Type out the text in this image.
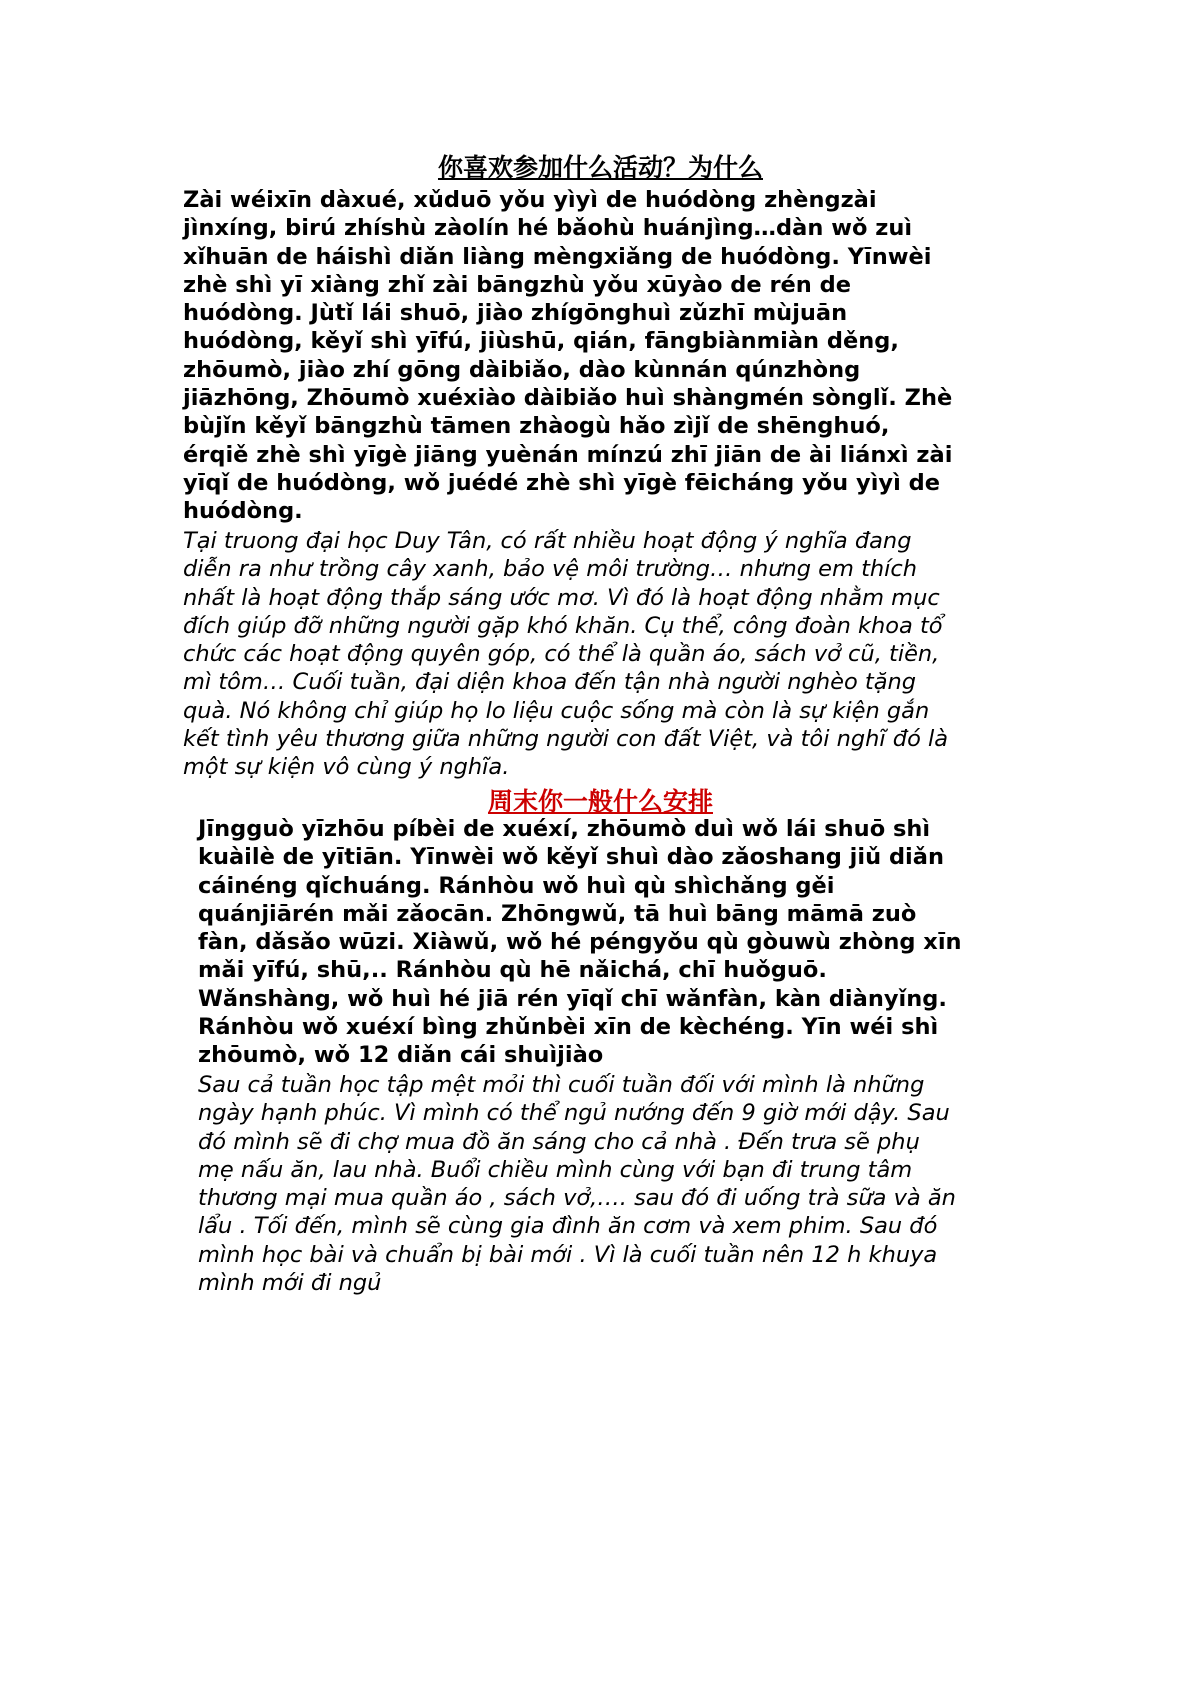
你喜欢参加什么活动？为什么

Zài wéixīn dàxué, xǔduō yǒu yìyì de huódòng zhèngzài
jìnxíng, birú zhíshù zàolín hé bǎohù huánjìng…dàn wǒ zuì
xǐhuān de háishì diǎn liàng mèngxiǎng de huódòng. Yīnwèi
zhè shì yī xiàng zhǐ zài bāngzhù yǒu xūyào de rén de
huódòng. Jùtǐ lái shuō, jiào zhígōnghuì zǔzhī mùjuān
huódòng, kěyǐ shì yīfú, jiùshū, qián, fāngbiànmiàn děng,
zhōumò, jiào zhí gōng dàibiǎo, dào kùnnán qúnzhòng
jiāzhōng, Zhōumò xuéxiào dàibiǎo huì shàngmén sònglǐ. Zhè
bùjǐn kěyǐ bāngzhù tāmen zhàogù hǎo zìjǐ de shēnghuó,
érqiě zhè shì yīgè jiāng yuènán mínzú zhī jiān de ài liánxì zài
yīqǐ de huódòng, wǒ juédé zhè shì yīgè fēicháng yǒu yìyì de
huódòng.

Tại truong đại học Duy Tân, có rất nhiều hoạt động ý nghĩa đang
diễn ra như trồng cây xanh, bảo vệ môi trường… nhưng em thích
nhất là hoạt động thắp sáng ước mơ. Vì đó là hoạt động nhằm mục
đích giúp đỡ những người gặp khó khăn. Cụ thể, công đoàn khoa tổ
chức các hoạt động quyên góp, có thể là quần áo, sách vở cũ, tiền,
mì tôm… Cuối tuần, đại diện khoa đến tận nhà người nghèo tặng
quà. Nó không chỉ giúp họ lo liệu cuộc sống mà còn là sự kiện gắn
kết tình yêu thương giữa những người con đất Việt, và tôi nghĩ đó là
một sự kiện vô cùng ý nghĩa.

周末你一般什么安排

Jīngguò yīzhōu píbèi de xuéxí, zhōumò duì wǒ lái shuō shì
kuàilè de yītiān. Yīnwèi wǒ kěyǐ shuì dào zǎoshang jiǔ diǎn
cáinéng qǐchuáng. Ránhòu wǒ huì qù shìchǎng gěi
quánjiārén mǎi zǎocān. Zhōngwǔ, tā huì bāng māmā zuò
fàn, dǎsǎo wūzi. Xiàwǔ, wǒ hé péngyǒu qù gòuwù zhòng xīn
mǎi yīfú, shū,.. Ránhòu qù hē nǎichá, chī huǒguō.
Wǎnshàng, wǒ huì hé jiā rén yīqǐ chī wǎnfàn, kàn diànyǐng.
Ránhòu wǒ xuéxí bìng zhǔnbèi xīn de kèchéng. Yīn wéi shì
zhōumò, wǒ 12 diǎn cái shuìjiào

Sau cả tuần học tập mệt mỏi thì cuối tuần đối với mình là những
ngày hạnh phúc. Vì mình có thể ngủ nướng đến 9 giờ mới dậy. Sau
đó mình sẽ đi chợ mua đồ ăn sáng cho cả nhà . Đến trưa sẽ phụ
mẹ nấu ăn, lau nhà. Buổi chiều mình cùng với bạn đi trung tâm
thương mại mua quần áo , sách vở,…. sau đó đi uống trà sữa và ăn
lẩu . Tối đến, mình sẽ cùng gia đình ăn cơm và xem phim. Sau đó
mình học bài và chuẩn bị bài mới . Vì là cuối tuần nên 12 h khuya
mình mới đi ngủ
